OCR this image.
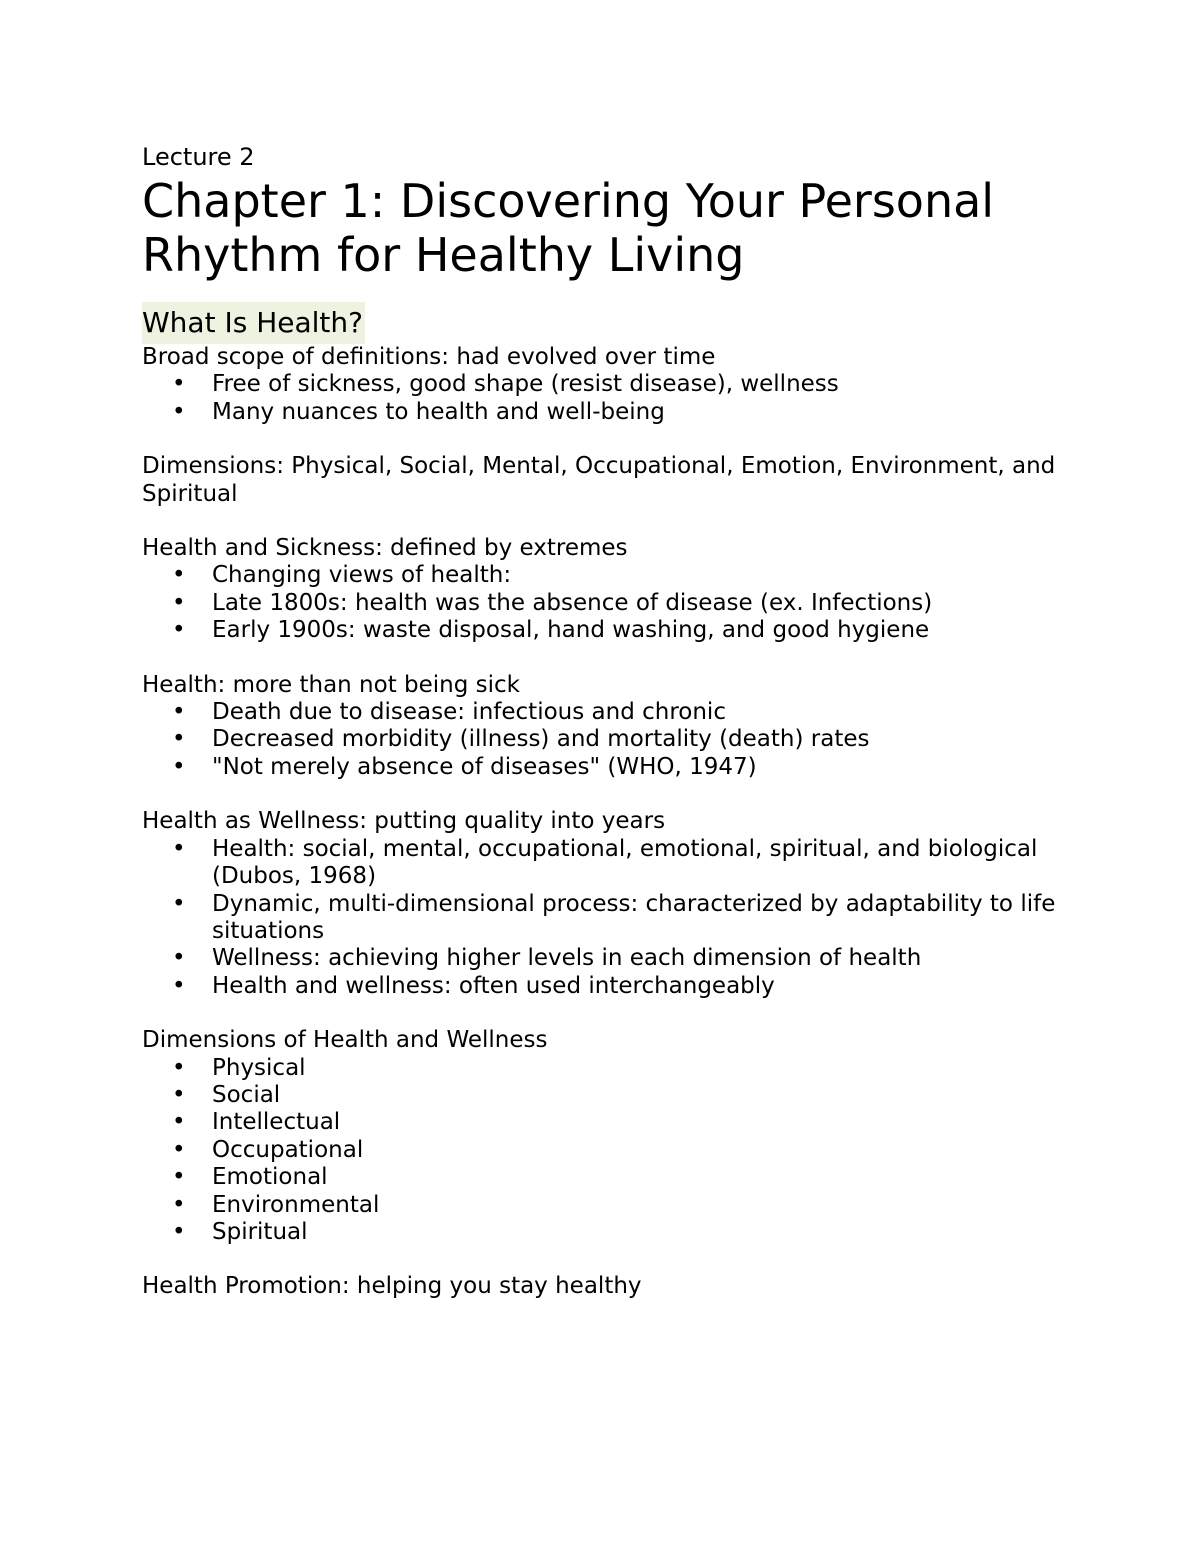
Lecture 2

Chapter 1: Discovering Your Personal Rhythm for Healthy Living
What Is Health?

Broad scope of definitions: had evolved over time

• Free of sickness, good shape (resist disease), wellness
• Many nuances to health and well-being

Dimensions: Physical, Social, Mental, Occupational, Emotion, Environment, and Spiritual

Health and Sickness: defined by extremes

• Changing views of health:
• Late 1800s: health was the absence of disease (ex. Infections)
• Early 1900s: waste disposal, hand washing, and good hygiene

Health: more than not being sick

• Death due to disease: infectious and chronic
• Decreased morbidity (illness) and mortality (death) rates
• "Not merely absence of diseases" (WHO, 1947)

Health as Wellness: putting quality into years

• Health: social, mental, occupational, emotional, spiritual, and biological (Dubos, 1968)
• Dynamic, multi-dimensional process: characterized by adaptability to life situations
• Wellness: achieving higher levels in each dimension of health
• Health and wellness: often used interchangeably

Dimensions of Health and Wellness

• Physical
• Social
• Intellectual
• Occupational
• Emotional
• Environmental
• Spiritual

Health Promotion: helping you stay healthy
